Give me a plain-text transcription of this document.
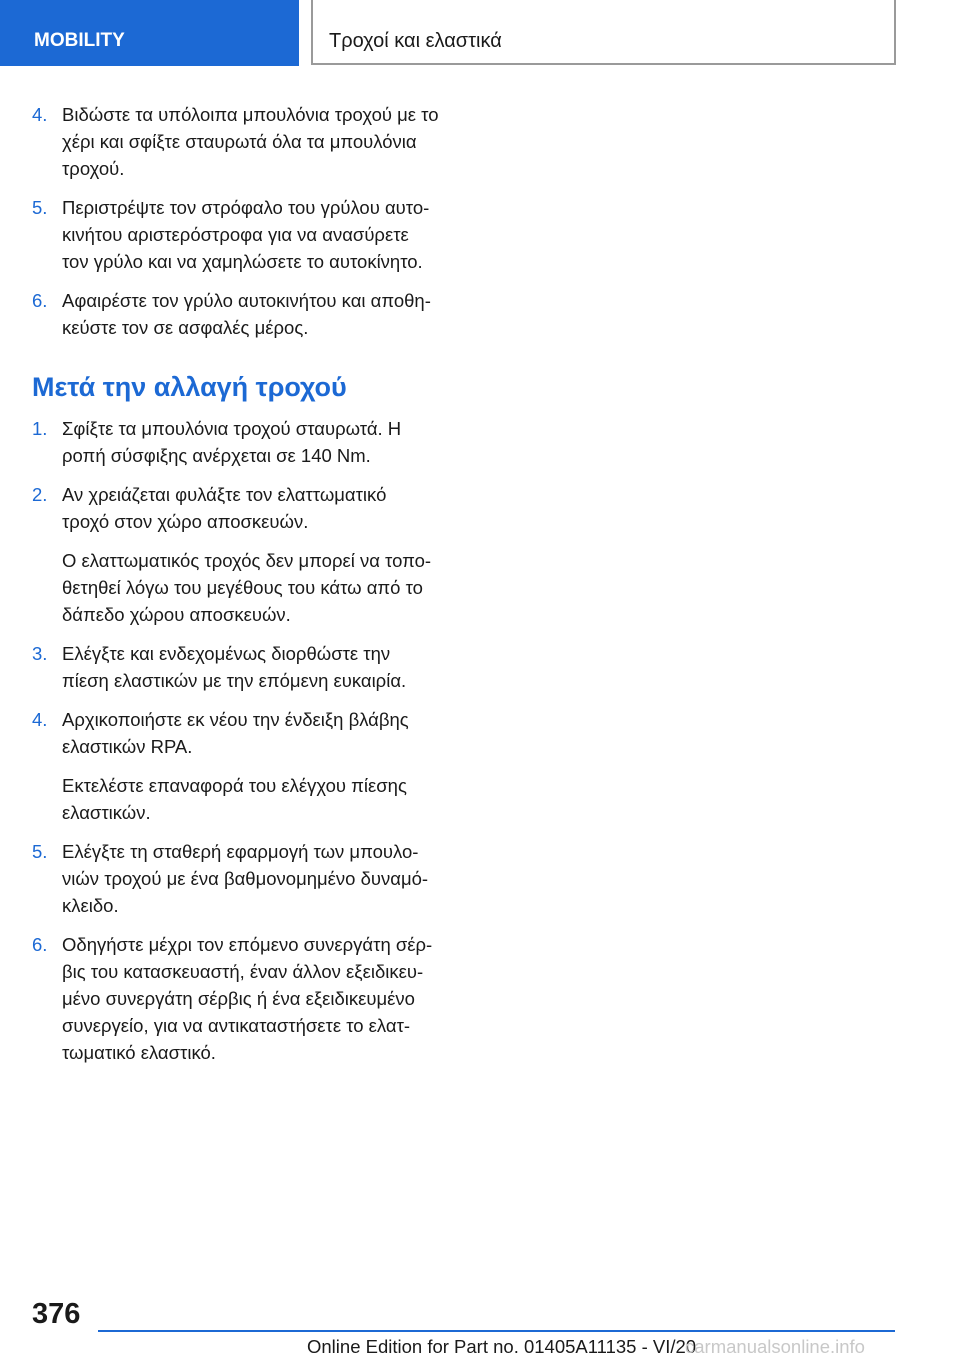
MOBILITY	Τροχοί και ελαστικά
4. Βιδώστε τα υπόλοιπα μπουλόνια τροχού με το
χέρι και σφίξτε σταυρωτά όλα τα μπουλόνια
τροχού.
5. Περιστρέψτε τον στρόφαλο του γρύλου αυτο‐
κινήτου αριστερόστροφα για να ανασύρετε
τον γρύλο και να χαμηλώσετε το αυτοκίνητο.
6. Αφαιρέστε τον γρύλο αυτοκινήτου και αποθη‐
κεύστε τον σε ασφαλές μέρος.
Μετά την αλλαγή τροχού
1. Σφίξτε τα μπουλόνια τροχού σταυρωτά. Η
ροπή σύσφιξης ανέρχεται σε 140 Nm.
2. Αν χρειάζεται φυλάξτε τον ελαττωματικό
τροχό στον χώρο αποσκευών.
Ο ελαττωματικός τροχός δεν μπορεί να τοπο‐
θετηθεί λόγω του μεγέθους του κάτω από το
δάπεδο χώρου αποσκευών.
3. Ελέγξτε και ενδεχομένως διορθώστε την
πίεση ελαστικών με την επόμενη ευκαιρία.
4. Αρχικοποιήστε εκ νέου την ένδειξη βλάβης
ελαστικών RPA.
Εκτελέστε επαναφορά του ελέγχου πίεσης
ελαστικών.
5. Ελέγξτε τη σταθερή εφαρμογή των μπουλο‐
νιών τροχού με ένα βαθμονομημένο δυναμό‐
κλειδο.
6. Οδηγήστε μέχρι τον επόμενο συνεργάτη σέρ‐
βις του κατασκευαστή, έναν άλλον εξειδικευ‐
μένο συνεργάτη σέρβις ή ένα εξειδικευμένο
συνεργείο, για να αντικαταστήσετε το ελατ‐
τωματικό ελαστικό.
376
Online Edition for Part no. 01405A11135 - VI/20
carmanualsonline.info
